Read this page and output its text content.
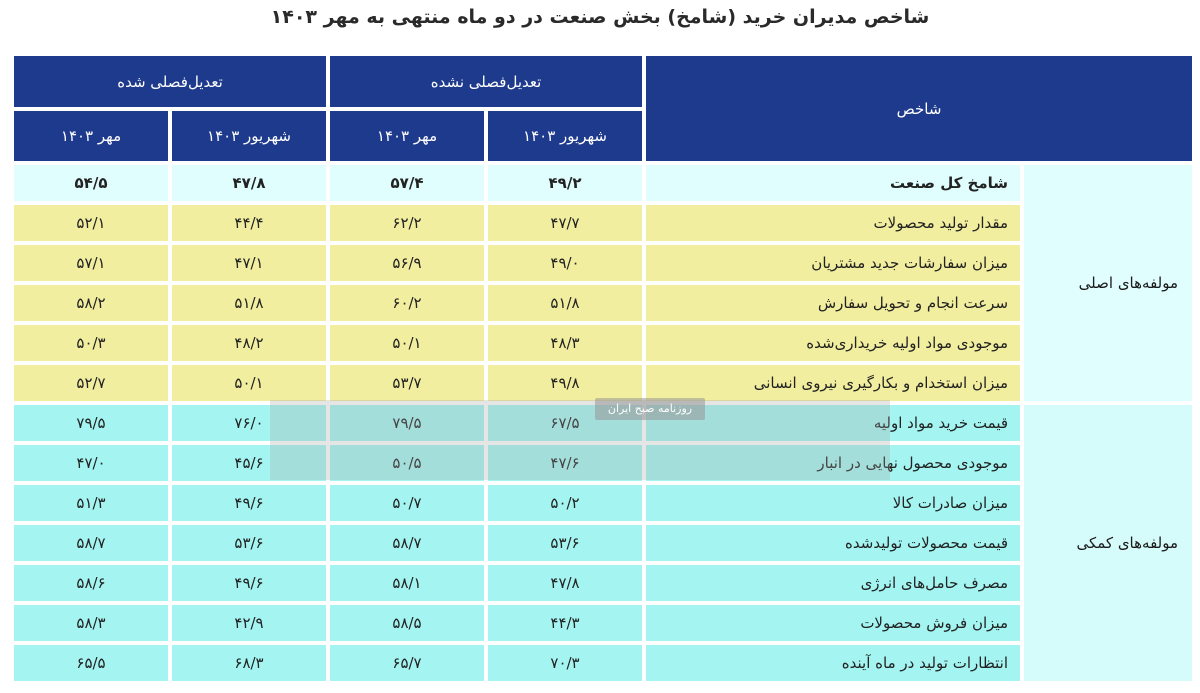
شاخص مدیران خرید (شامخ) بخش صنعت در دو ماه منتهی به مهر ۱۴۰۳
شاخص		تعدیل‌فصلی نشده		تعدیل‌فصلی شده	
		شهریور ۱۴۰۳	مهر ۱۴۰۳	شهریور ۱۴۰۳	مهر ۱۴۰۳
مولفه‌های اصلی	شامخ کل صنعت	۴۹/۲	۵۷/۴	۴۷/۸	۵۴/۵
	مقدار تولید محصولات	۴۷/۷	۶۲/۲	۴۴/۴	۵۲/۱
	میزان سفارشات جدید مشتریان	۴۹/۰	۵۶/۹	۴۷/۱	۵۷/۱
	سرعت انجام و تحویل سفارش	۵۱/۸	۶۰/۲	۵۱/۸	۵۸/۲
	موجودی مواد اولیه خریداری‌شده	۴۸/۳	۵۰/۱	۴۸/۲	۵۰/۳
	میزان استخدام و بکارگیری نیروی انسانی	۴۹/۸	۵۳/۷	۵۰/۱	۵۲/۷
مولفه‌های کمکی	قیمت خرید مواد اولیه	۶۷/۵	۷۹/۵	۷۶/۰	۷۹/۵
	موجودی محصول نهایی در انبار	۴۷/۶	۵۰/۵	۴۵/۶	۴۷/۰
	میزان صادرات کالا	۵۰/۲	۵۰/۷	۴۹/۶	۵۱/۳
	قیمت محصولات تولیدشده	۵۳/۶	۵۸/۷	۵۳/۶	۵۸/۷
	مصرف حامل‌های انرژی	۴۷/۸	۵۸/۱	۴۹/۶	۵۸/۶
	میزان فروش محصولات	۴۴/۳	۵۸/۵	۴۲/۹	۵۸/۳
	انتظارات تولید در ماه آینده	۷۰/۳	۶۵/۷	۶۸/۳	۶۵/۵
روزنامه صبح ایران
